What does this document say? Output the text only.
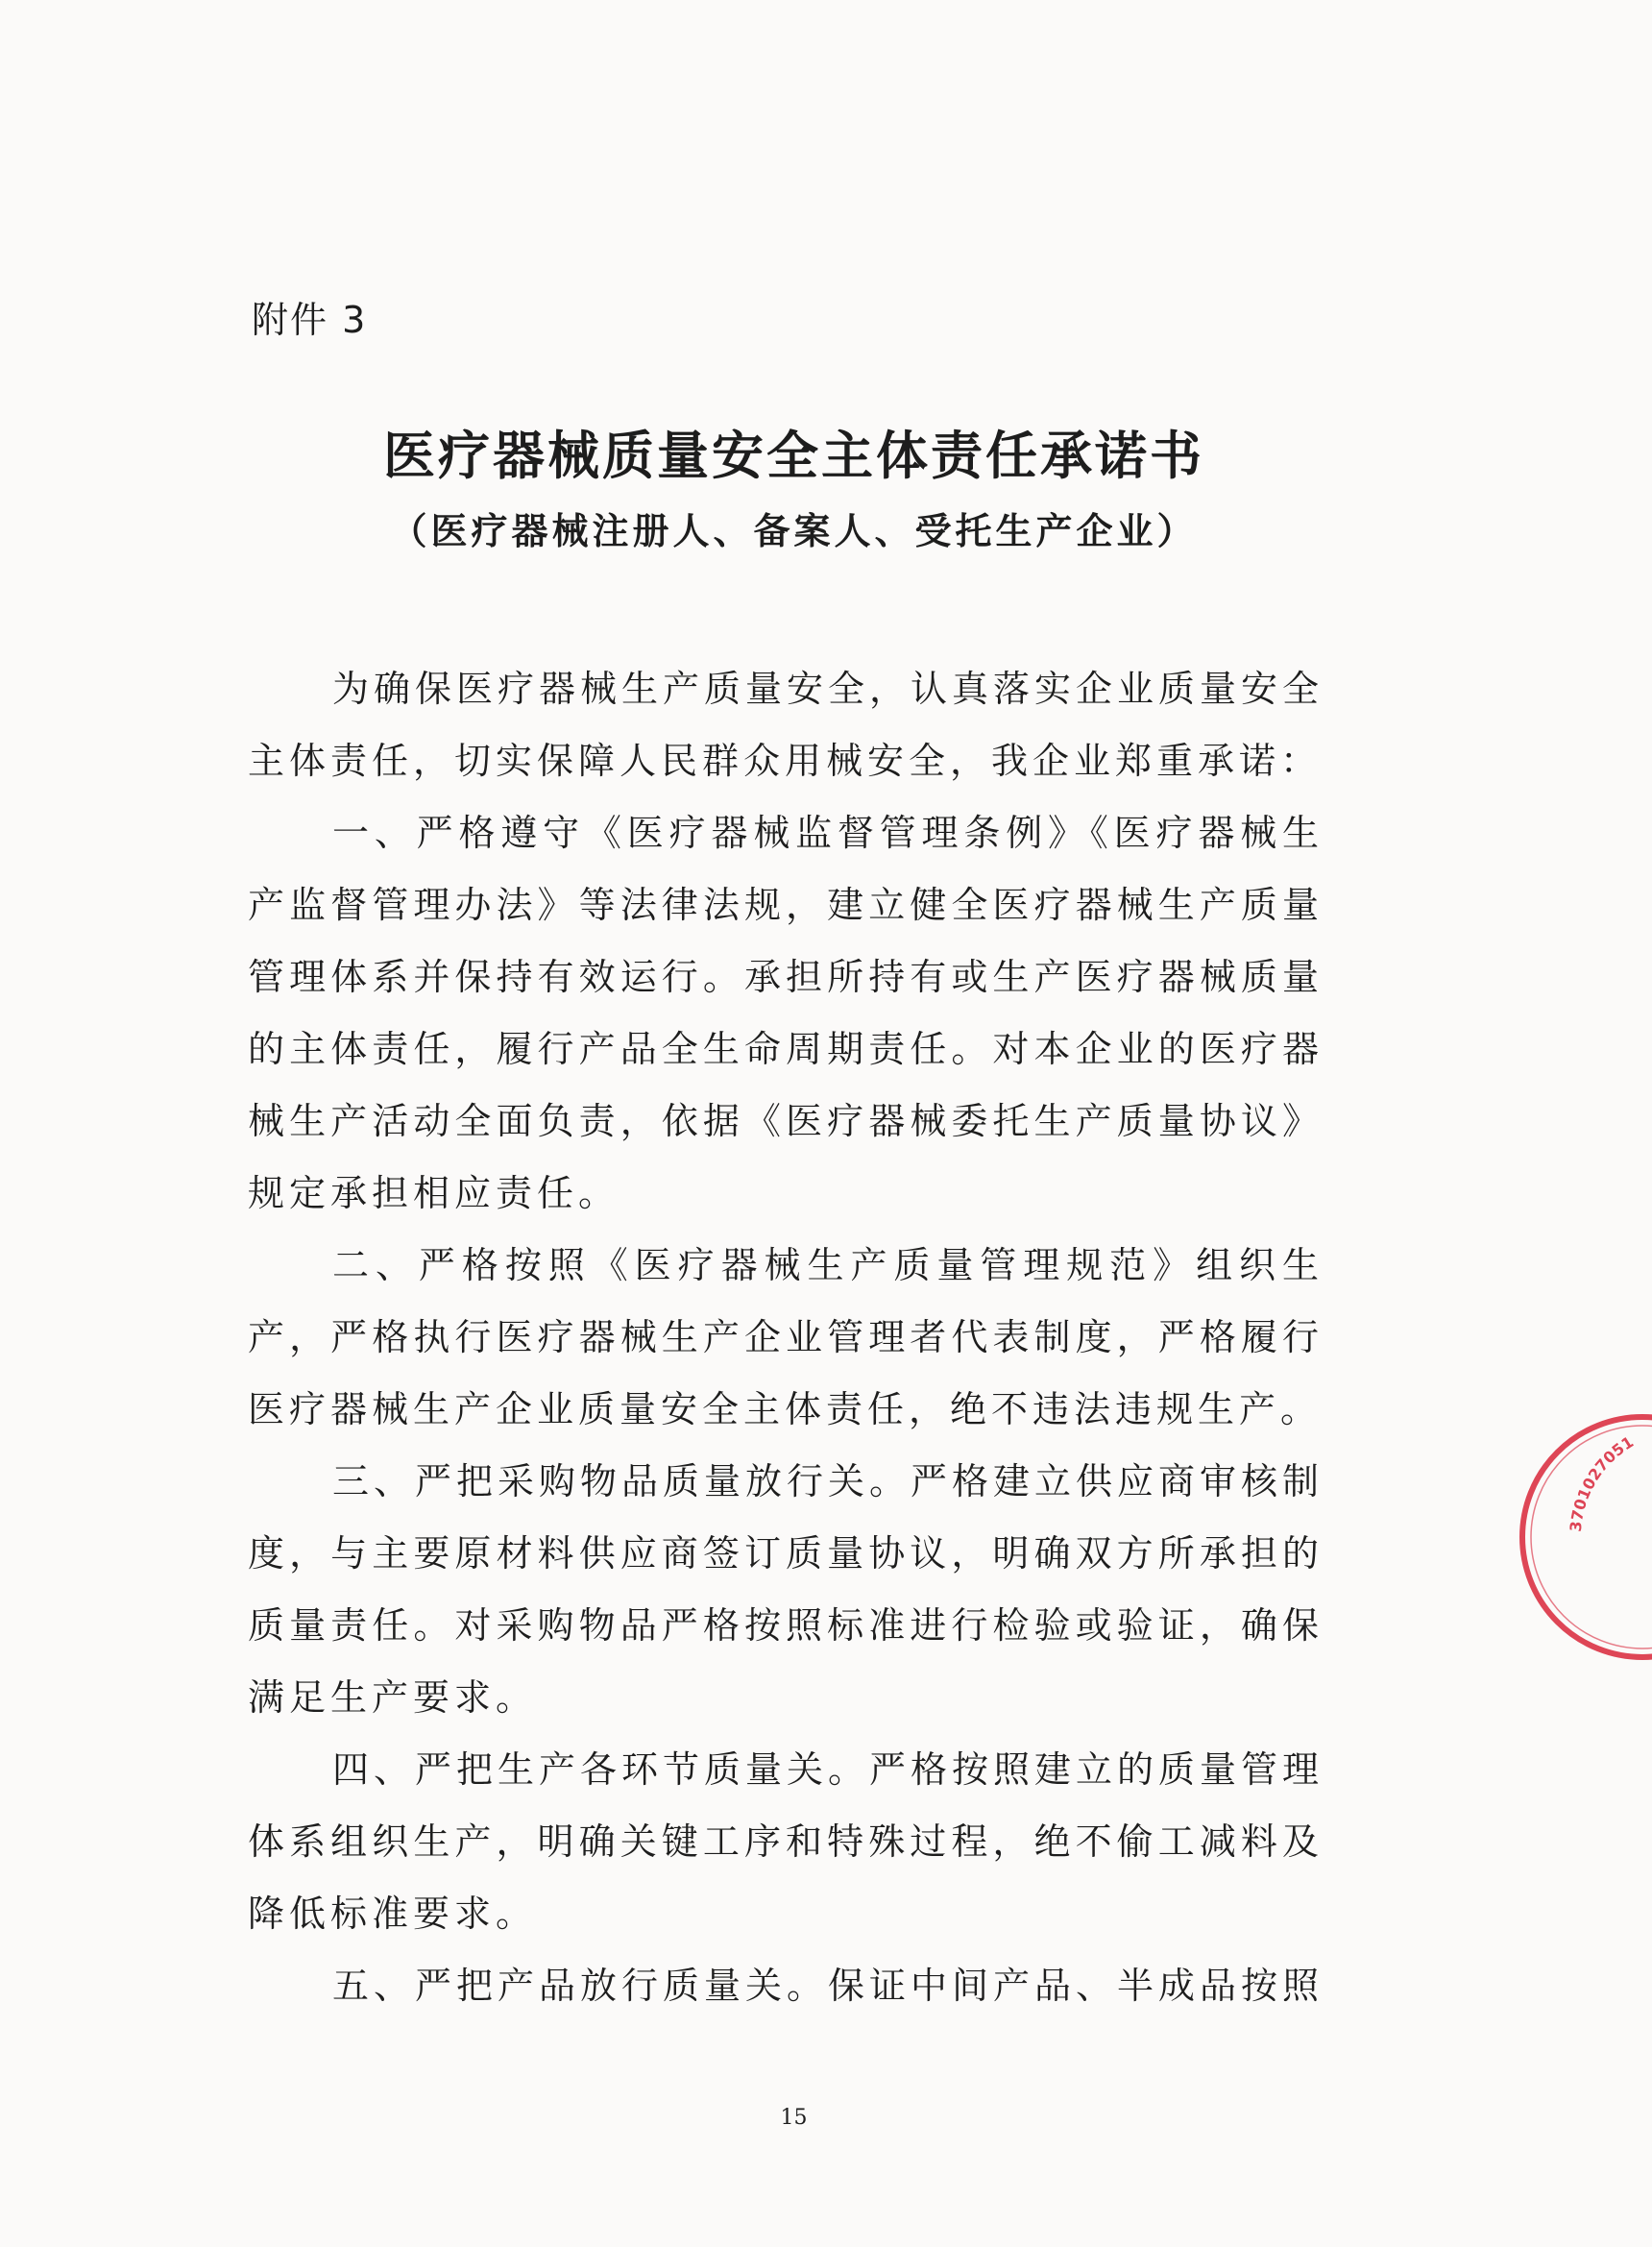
附件 3
医疗器械质量安全主体责任承诺书
（医疗器械注册人、备案人、受托生产企业）

为确保医疗器械生产质量安全，认真落实企业质量安全主体责任，切实保障人民群众用械安全，我企业郑重承诺：

一、严格遵守《医疗器械监督管理条例》《医疗器械生产监督管理办法》等法律法规，建立健全医疗器械生产质量管理体系并保持有效运行。承担所持有或生产医疗器械质量的主体责任，履行产品全生命周期责任。对本企业的医疗器械生产活动全面负责，依据《医疗器械委托生产质量协议》规定承担相应责任。

二、严格按照《医疗器械生产质量管理规范》组织生产，严格执行医疗器械生产企业管理者代表制度，严格履行医疗器械生产企业质量安全主体责任，绝不违法违规生产。

三、严把采购物品质量放行关。严格建立供应商审核制度，与主要原材料供应商签订质量协议，明确双方所承担的质量责任。对采购物品严格按照标准进行检验或验证，确保满足生产要求。

四、严把生产各环节质量关。严格按照建立的质量管理体系组织生产，明确关键工序和特殊过程，绝不偷工减料及降低标准要求。

五、严把产品放行质量关。保证中间产品、半成品按照

15
3701027051
